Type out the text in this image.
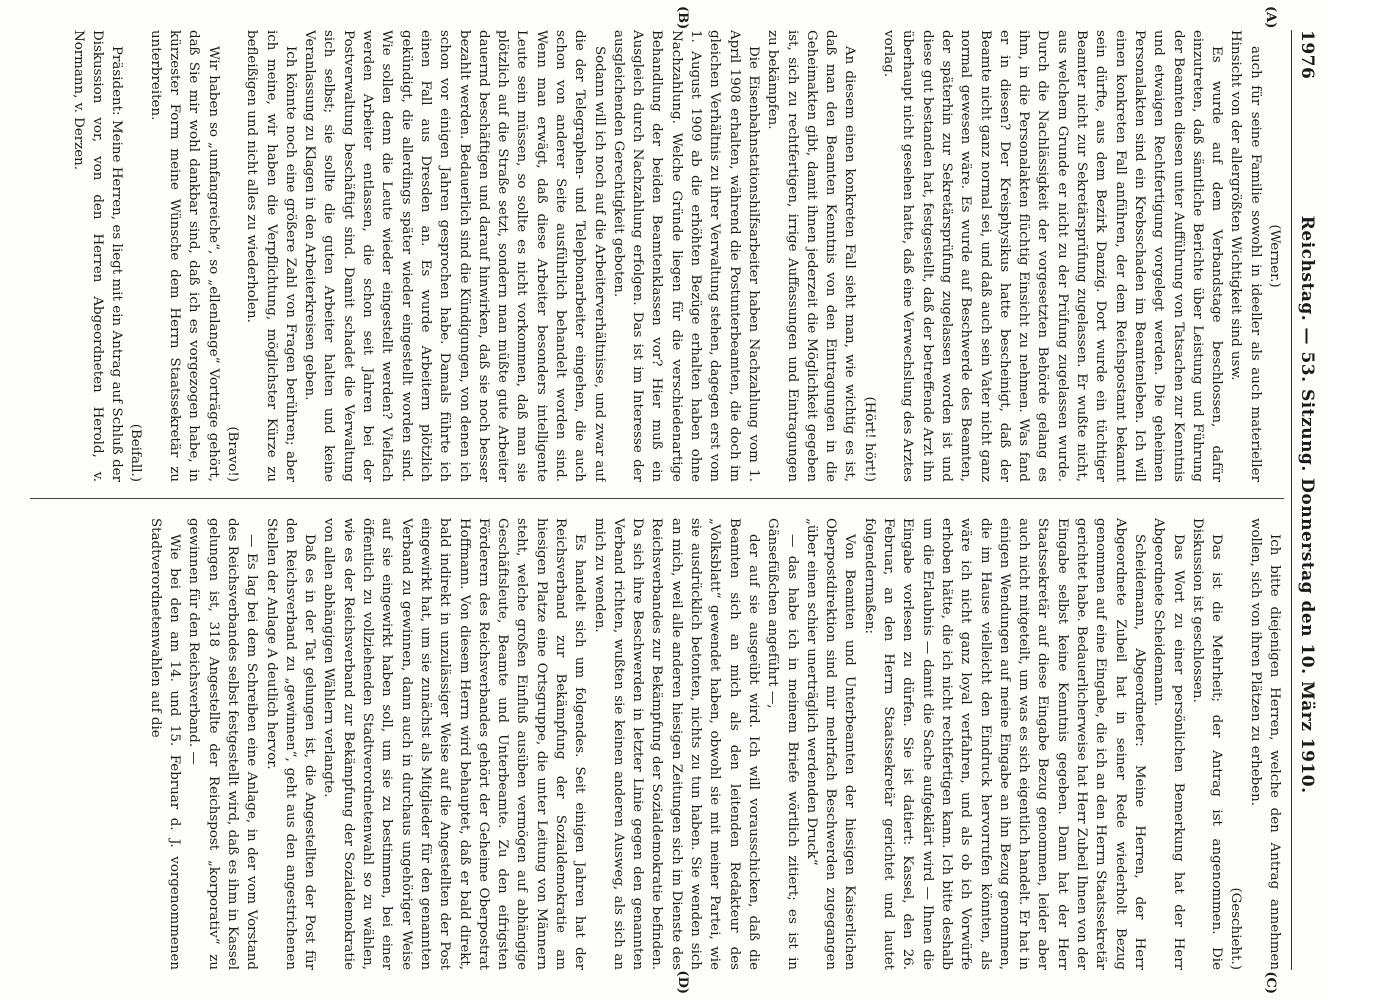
1976
Reichstag. — 53. Sitzung. Donnerstag den 10. März 1910.
(A)
(B)
(C)
(D)

(Werner.)

auch für seine Familie sowohl in ideeller als auch materieller Hinsicht von der allergrößten Wichtigkeit sind usw.

Es wurde auf dem Verbandstage beschlossen, dafür einzutreten, daß sämtliche Berichte über Leistung und Führung der Beamten diesen unter Aufführung von Tatsachen zur Kenntnis und etwaigen Rechtfertigung vorgelegt werden. Die geheimen Personalakten sind ein Krebsschaden im Beamtenleben. Ich will einen konkreten Fall anführen, der dem Reichspostamt bekannt sein dürfte, aus dem Bezirk Danzig. Dort wurde ein tüchtiger Beamter nicht zur Sekretärsprüfung zugelassen. Er wußte nicht, aus welchem Grunde er nicht zu der Prüfung zugelassen wurde. Durch die Nachlässigkeit der vorgesetzten Behörde gelang es ihm, in die Personalakten flüchtig Einsicht zu nehmen. Was fand er in diesen? Der Kreisphysikus hatte bescheinigt, daß der Beamte nicht ganz normal sei, und daß auch sein Vater nicht ganz normal gewesen wäre. Es wurde auf Beschwerde des Beamten, der späterhin zur Sekretärsprüfung zugelassen worden ist und diese gut bestanden hat, festgestellt, daß der betreffende Arzt ihn überhaupt nicht gesehen hatte, daß eine Verwechslung des Arztes vorlag.

(Hört! hört!)

An diesem einen konkreten Fall sieht man, wie wichtig es ist, daß man den Beamten Kenntnis von den Eintragungen in die Geheimakten gibt, damit ihnen jederzeit die Möglichkeit gegeben ist, sich zu rechtfertigen, irrige Auffassungen und Eintragungen zu bekämpfen.

Die Eisenbahnstationshilfsarbeiter haben Nachzahlung vom 1. April 1908 erhalten, während die Postunterbeamten, die doch im gleichen Verhältnis zu ihrer Verwaltung stehen, dagegen erst vom 1. August 1909 ab die erhöhten Bezüge erhalten haben ohne Nachzahlung. Welche Gründe liegen für die verschiedenartige Behandlung der beiden Beamtenklassen vor? Hier muß ein Ausgleich durch Nachzahlung erfolgen. Das ist im Interesse der ausgleichenden Gerechtigkeit geboten.

Sodann will ich noch auf die Arbeiterverhältnisse, und zwar auf die der Telegraphen- und Telephonarbeiter eingehen, die auch schon von anderer Seite ausführlich behandelt worden sind. Wenn man erwägt, daß diese Arbeiter besonders intelligente Leute sein müssen, so sollte es nicht vorkommen, daß man sie plötzlich auf die Straße setzt, sondern man müßte gute Arbeiter dauernd beschäftigen und darauf hinwirken, daß sie noch besser bezahlt werden. Bedauerlich sind die Kündigungen, von denen ich schon vor einigen Jahren gesprochen habe. Damals führte ich einen Fall aus Dresden an. Es wurde Arbeitern plötzlich gekündigt, die allerdings später wieder eingestellt worden sind. Wie sollen denn die Leute wieder eingestellt werden? Vielfach werden Arbeiter entlassen, die schon seit Jahren bei der Postverwaltung beschäftigt sind. Damit schadet die Verwaltung sich selbst; sie sollte die guten Arbeiter halten und keine Veranlassung zu Klagen in den Arbeiterkreisen geben.

Ich könnte noch eine größere Zahl von Fragen berühren; aber ich meine, wir haben die Verpflichtung, möglichster Kürze zu befleißigen und nicht alles zu wiederholen.

(Bravo!)

Wir haben so „umfangreiche“, so „ellenlange“ Vorträge gehört, daß Sie mir wohl dankbar sind, daß ich es vorgezogen habe, in kürzester Form meine Wünsche dem Herrn Staatssekretär zu unterbreiten.

(Beifall.)

Präsident: Meine Herren, es liegt mit ein Antrag auf Schluß der Diskussion vor, von den Herren Abgeordneten Herold, v. Normann, v. Derzen.

Ich bitte diejenigen Herren, welche den Antrag annehmen wollen, sich von ihren Plätzen zu erheben.

(Geschieht.)

Das ist die Mehrheit; der Antrag ist angenommen. Die Diskussion ist geschlossen.

Das Wort zu einer persönlichen Bemerkung hat der Herr Abgeordnete Scheidemann.

Scheidemann, Abgeordneter: Meine Herren, der Herr Abgeordnete Zubeil hat in seiner Rede wiederholt Bezug genommen auf eine Eingabe, die ich an den Herrn Staatssekretär gerichtet habe. Bedauerlicherweise hat Herr Zubeil Ihnen von der Eingabe selbst keine Kenntnis gegeben. Dann hat der Herr Staatssekretär auf diese Eingabe Bezug genommen, leider aber auch nicht mitgeteilt, um was es sich eigentlich handelt. Er hat in einigen Wendungen auf meine Eingabe an ihn Bezug genommen, die im Hause vielleicht den Eindruck hervorrufen könnten, als wäre ich nicht ganz loyal verfahren, und als ob ich Vorwürfe erhoben hätte, die ich nicht rechtfertigen kann. Ich bitte deshalb um die Erlaubnis — damit die Sache aufgeklärt wird — Ihnen die Eingabe vorlesen zu dürfen. Sie ist datiert: Kassel, den 26. Februar, an den Herrn Staatssekretär gerichtet und lautet folgendermaßen:

Von Beamten und Unterbeamten der hiesigen Kaiserlichen Oberpostdirektion sind mir mehrfach Beschwerden zugegangen „über einen schier unerträglich werdenden Druck“

— das habe ich in meinem Briefe wörtlich zitiert; es ist in Gänsefüßchen angeführt —,

der auf sie ausgeübt wird. Ich will vorausschicken, daß die Beamten sich an mich als den leitenden Redakteur des „Volksblatt“ gewendet haben, obwohl sie mit meiner Partei, wie sie ausdrücklich betonten, nichts zu tun haben. Sie wenden sich an mich, weil alle anderen hiesigen Zeitungen sich im Dienste des Reichsverbandes zur Bekämpfung der Sozialdemokratie befinden. Da sich ihre Beschwerden in letzter Linie gegen den genannten Verband richten, wußten sie keinen anderen Ausweg, als sich an mich zu wenden.

Es handelt sich um folgendes. Seit einigen Jahren hat der Reichsverband zur Bekämpfung der Sozialdemokratie am hiesigen Platze eine Ortsgruppe, die unter Leitung von Männern steht, welche großen Einfluß ausüben vermögen auf abhängige Geschäftsleute, Beamte und Unterbeamte. Zu den eifrigsten Förderern des Reichsverbandes gehört der Geheime Oberpostrat Hoffmann. Von diesem Herrn wird behauptet, daß er bald direkt, bald indirekt in unzulässiger Weise auf die Angestellten der Post eingewirkt hat, um sie zunächst als Mitglieder für den genannten Verband zu gewinnen, dann auch in durchaus ungehöriger Weise auf sie eingewirkt haben soll, um sie zu bestimmen, bei einer öffentlich zu vollziehenden Stadtverordnetenwahl so zu wählen, wie es der Reichsverband zur Bekämpfung der Sozialdemokratie von allen abhängigen Wählern verlangte.

Daß es in der Tat gelungen ist, die Angestellten der Post für den Reichsverband zu „gewinnen“, geht aus den angestrichenen Stellen der Anlage A deutlich hervor.

— Es lag bei dem Schreiben eine Anlage, in der vom Vorstand des Reichsverbandes selbst festgestellt wird, daß es ihm in Kassel gelungen ist, 318 Angestellte der Reichspost „korporativ“ zu gewinnen für den Reichsverband. —

Wie bei den am 14. und 15. Februar d. J. vorgenommenen Stadtverordnetenwahlen auf die
